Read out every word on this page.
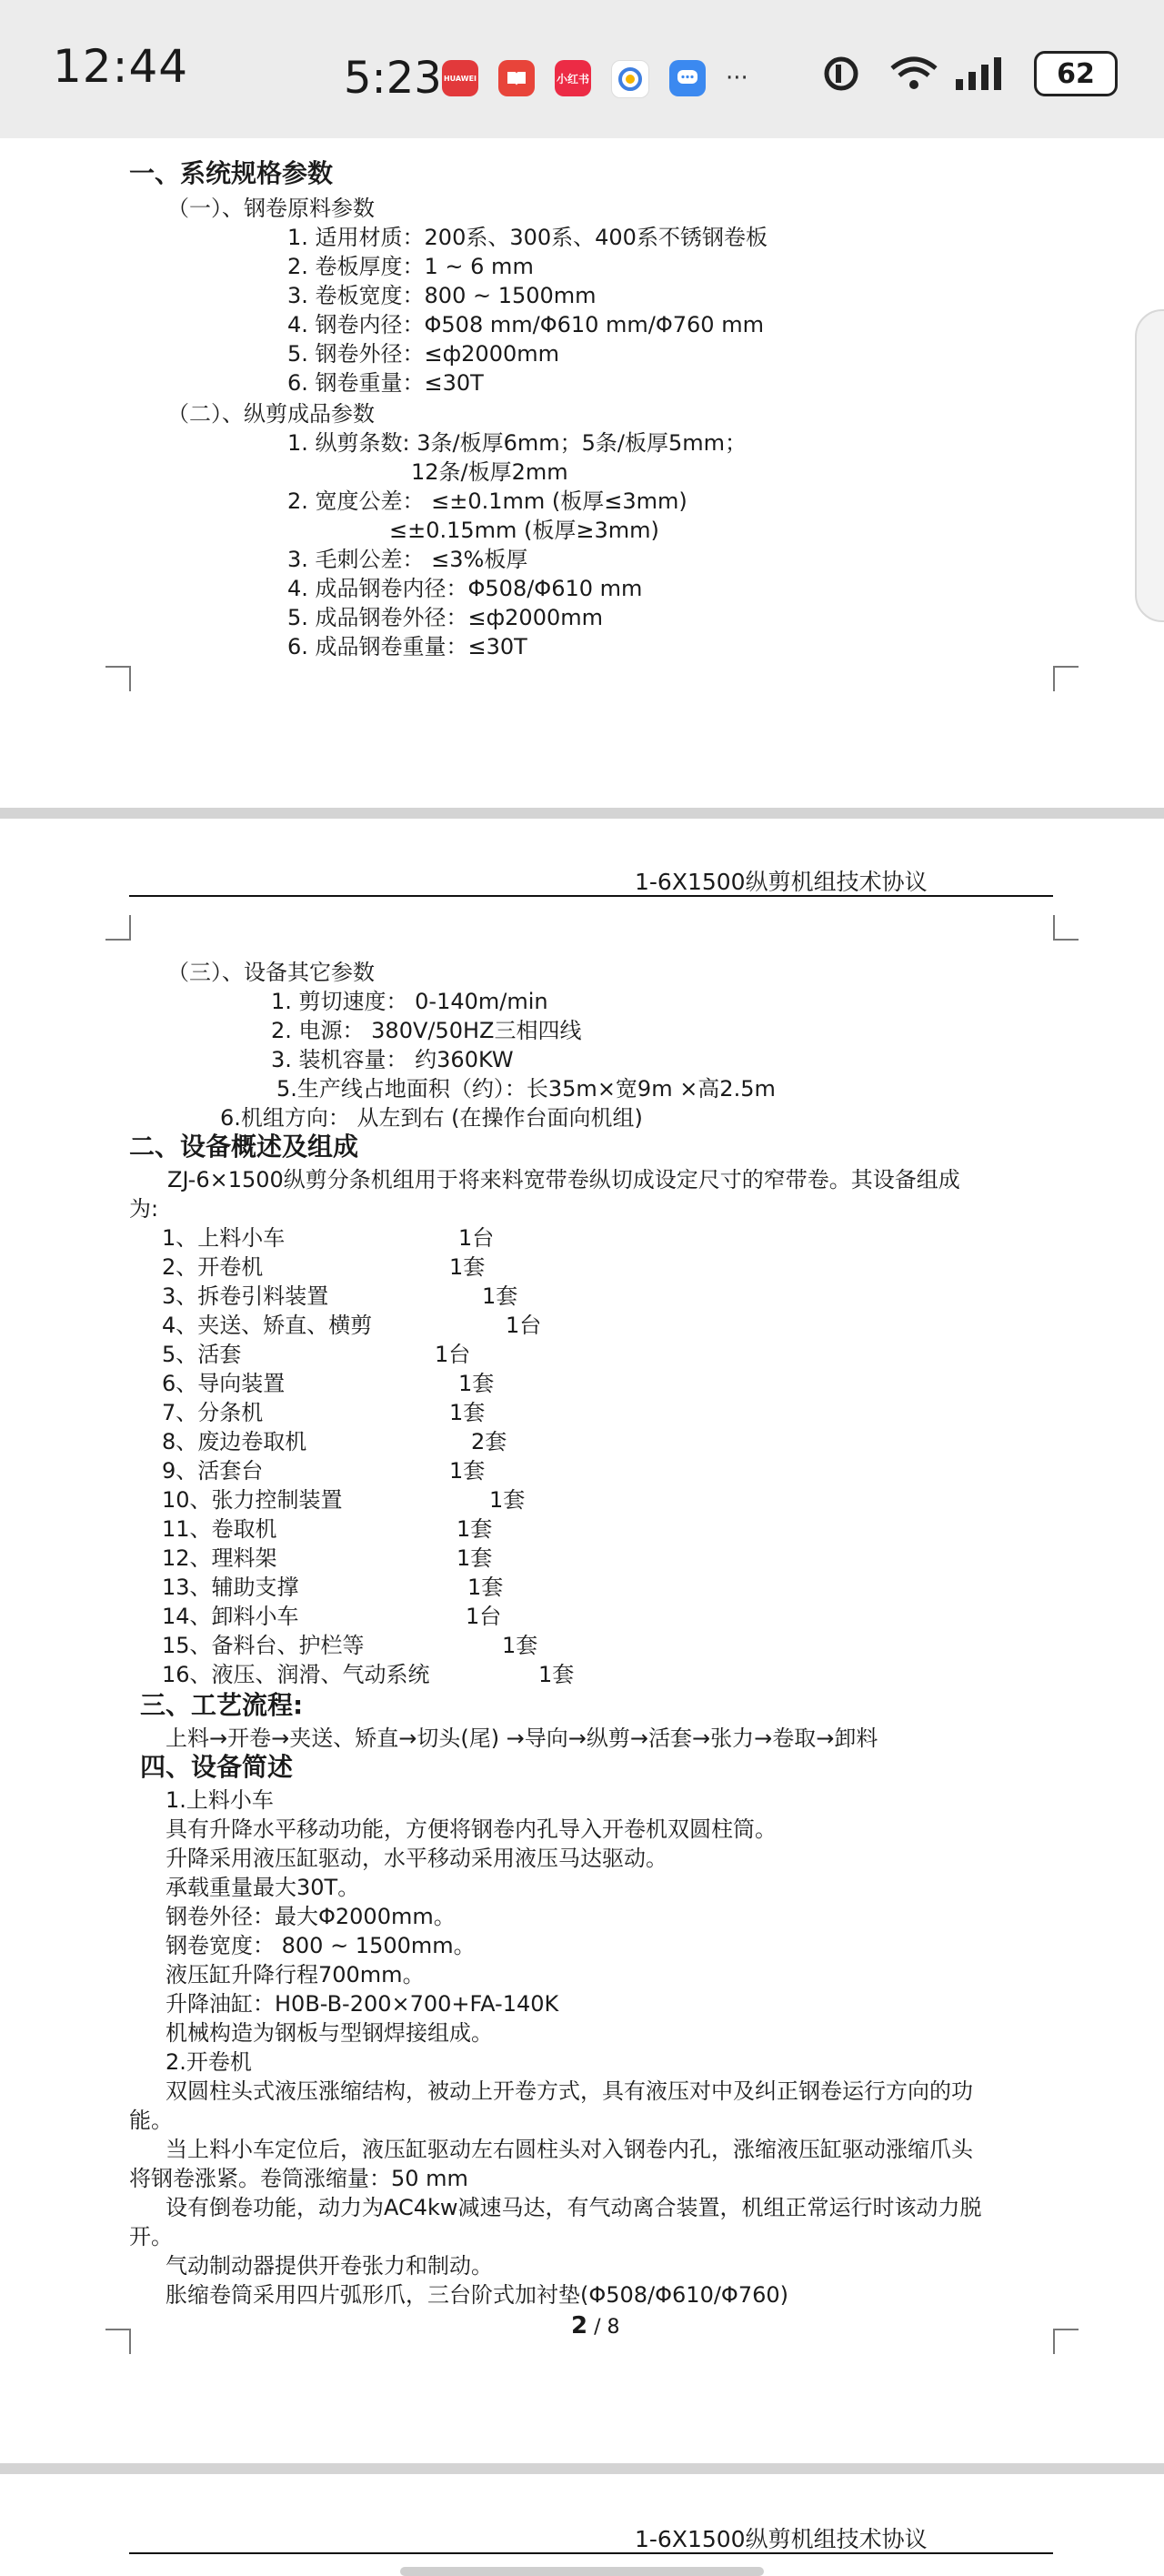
12:44	5:23 HUAWEI	小红书	···	62
一、系统规格参数
（一）、钢卷原料参数
1. 适用材质：200系、300系、400系不锈钢卷板
2. 卷板厚度：1 ~ 6 mm
3. 卷板宽度：800 ~ 1500mm
4. 钢卷内径：Φ508 mm/Φ610 mm/Φ760 mm
5. 钢卷外径：≤ф2000mm
6. 钢卷重量：≤30T
（二）、纵剪成品参数
1. 纵剪条数: 3条/板厚6mm；5条/板厚5mm；
12条/板厚2mm
2. 宽度公差： ≤±0.1mm (板厚≤3mm)
≤±0.15mm (板厚≥3mm)
3. 毛刺公差： ≤3%板厚
4. 成品钢卷内径：Φ508/Φ610 mm
5. 成品钢卷外径：≤ф2000mm
6. 成品钢卷重量：≤30T
1-6X1500纵剪机组技术协议
（三）、设备其它参数
1. 剪切速度： 0-140m/min
2. 电源： 380V/50HZ三相四线
3. 装机容量： 约360KW
5.生产线占地面积（约）：长35m×宽9m ×高2.5m
6.机组方向： 从左到右 (在操作台面向机组)
二、设备概述及组成
ZJ-6×1500纵剪分条机组用于将来料宽带卷纵切成设定尺寸的窄带卷。其设备组成
为:
1、上料小车	1台
2、开卷机	1套
3、拆卷引料装置	1套
4、夹送、矫直、横剪	1台
5、活套	1台
6、导向装置	1套
7、分条机	1套
8、废边卷取机	2套
9、活套台	1套
10、张力控制装置	1套
11、卷取机	1套
12、理料架	1套
13、辅助支撑	1套
14、卸料小车	1台
15、备料台、护栏等	1套
16、液压、润滑、气动系统	1套
三、工艺流程:
上料→开卷→夹送、矫直→切头(尾) →导向→纵剪→活套→张力→卷取→卸料
四、设备简述
1.上料小车
具有升降水平移动功能，方便将钢卷内孔导入开卷机双圆柱筒。
升降采用液压缸驱动，水平移动采用液压马达驱动。
承载重量最大30T。
钢卷外径：最大Φ2000mm。
钢卷宽度： 800 ~ 1500mm。
液压缸升降行程700mm。
升降油缸：H0B-B-200×700+FA-140K
机械构造为钢板与型钢焊接组成。
2.开卷机
双圆柱头式液压涨缩结构，被动上开卷方式，具有液压对中及纠正钢卷运行方向的功
能。
当上料小车定位后，液压缸驱动左右圆柱头对入钢卷内孔，涨缩液压缸驱动涨缩爪头
将钢卷涨紧。卷筒涨缩量：50 mm
设有倒卷功能，动力为AC4kw减速马达，有气动离合装置，机组正常运行时该动力脱
开。
气动制动器提供开卷张力和制动。
胀缩卷筒采用四片弧形爪，三台阶式加衬垫(Φ508/Φ610/Φ760)
2 / 8
1-6X1500纵剪机组技术协议
